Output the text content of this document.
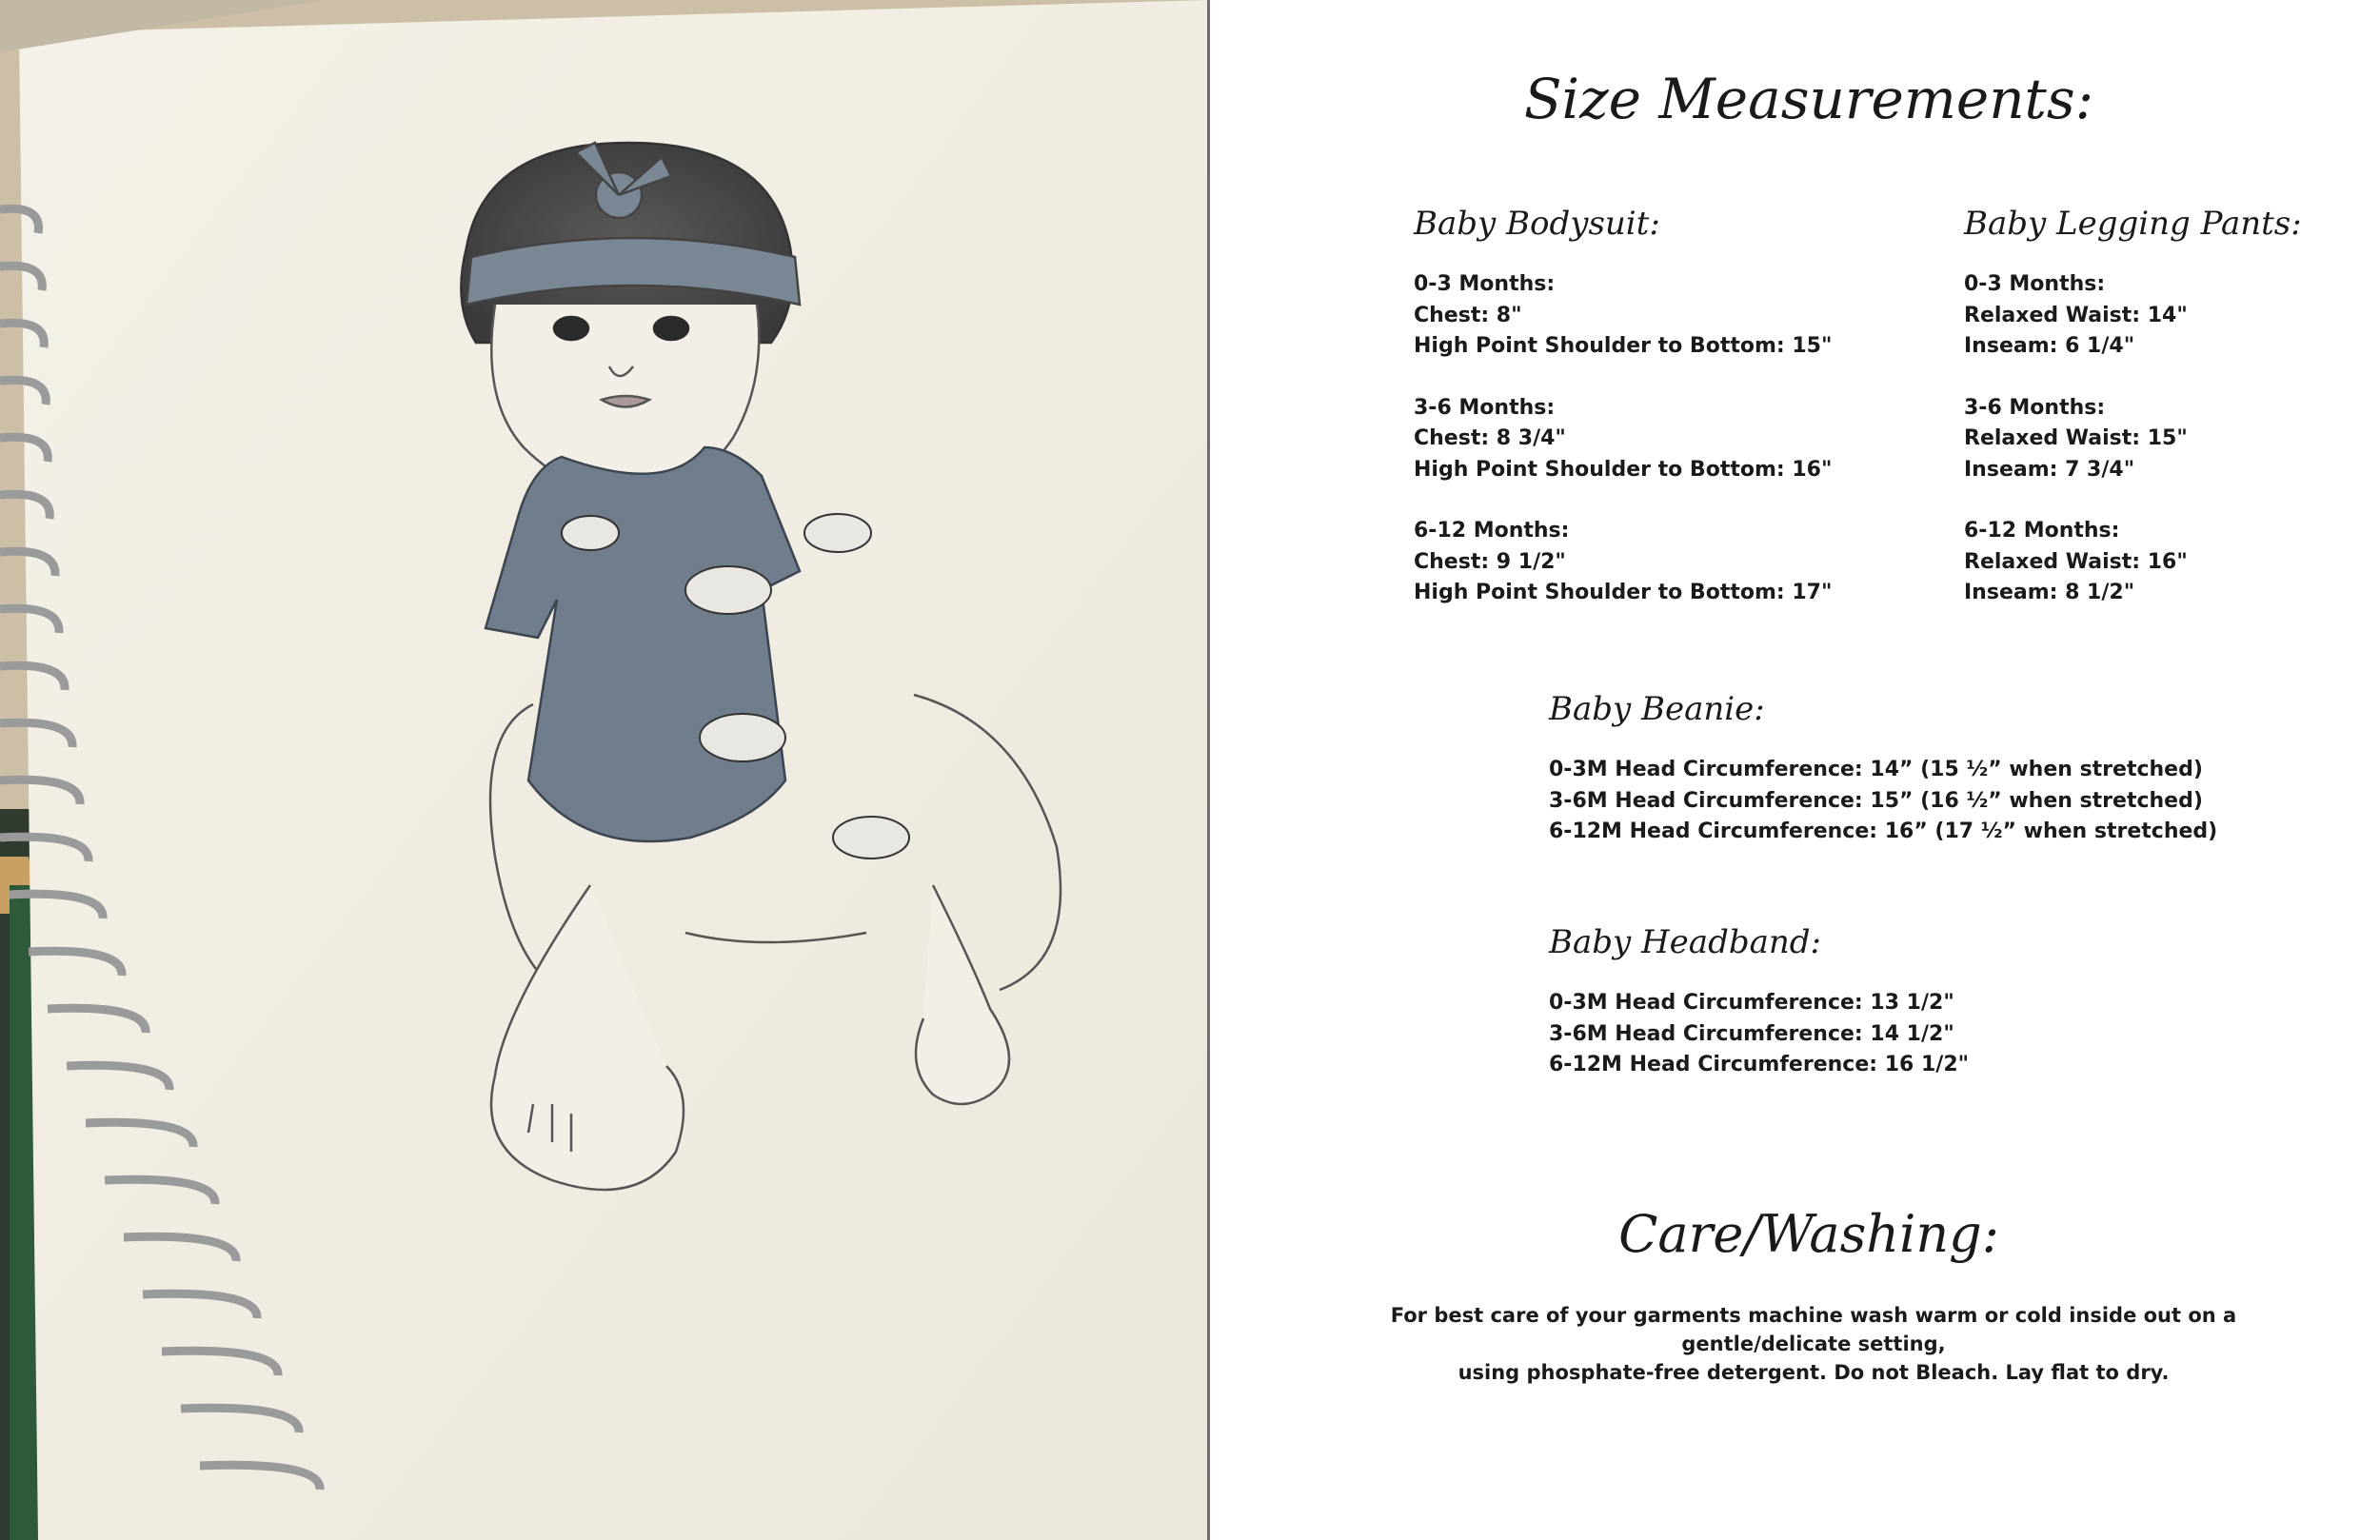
Size Measurements:
Baby Bodysuit:

0-3 Months:

Chest: 8"

High Point Shoulder to Bottom: 15"

3-6 Months:

Chest: 8 3/4"

High Point Shoulder to Bottom: 16"

6-12 Months:

Chest: 9 1/2"

High Point Shoulder to Bottom: 17"

Baby Legging Pants:

0-3 Months:

Relaxed Waist: 14"

Inseam: 6 1/4"

3-6 Months:

Relaxed Waist: 15"

Inseam: 7 3/4"

6-12 Months:

Relaxed Waist: 16"

Inseam: 8 1/2"

Baby Beanie:

0-3M Head Circumference: 14” (15 ½” when stretched)

3-6M Head Circumference: 15” (16 ½” when stretched)

6-12M Head Circumference: 16” (17 ½” when stretched)

Baby Headband:

0-3M Head Circumference: 13 1/2"

3-6M Head Circumference: 14 1/2"

6-12M Head Circumference: 16 1/2"

Care/Washing:
For best care of your garments machine wash warm or cold inside out on a gentle/delicate setting,
using phosphate-free detergent. Do not Bleach. Lay flat to dry.
